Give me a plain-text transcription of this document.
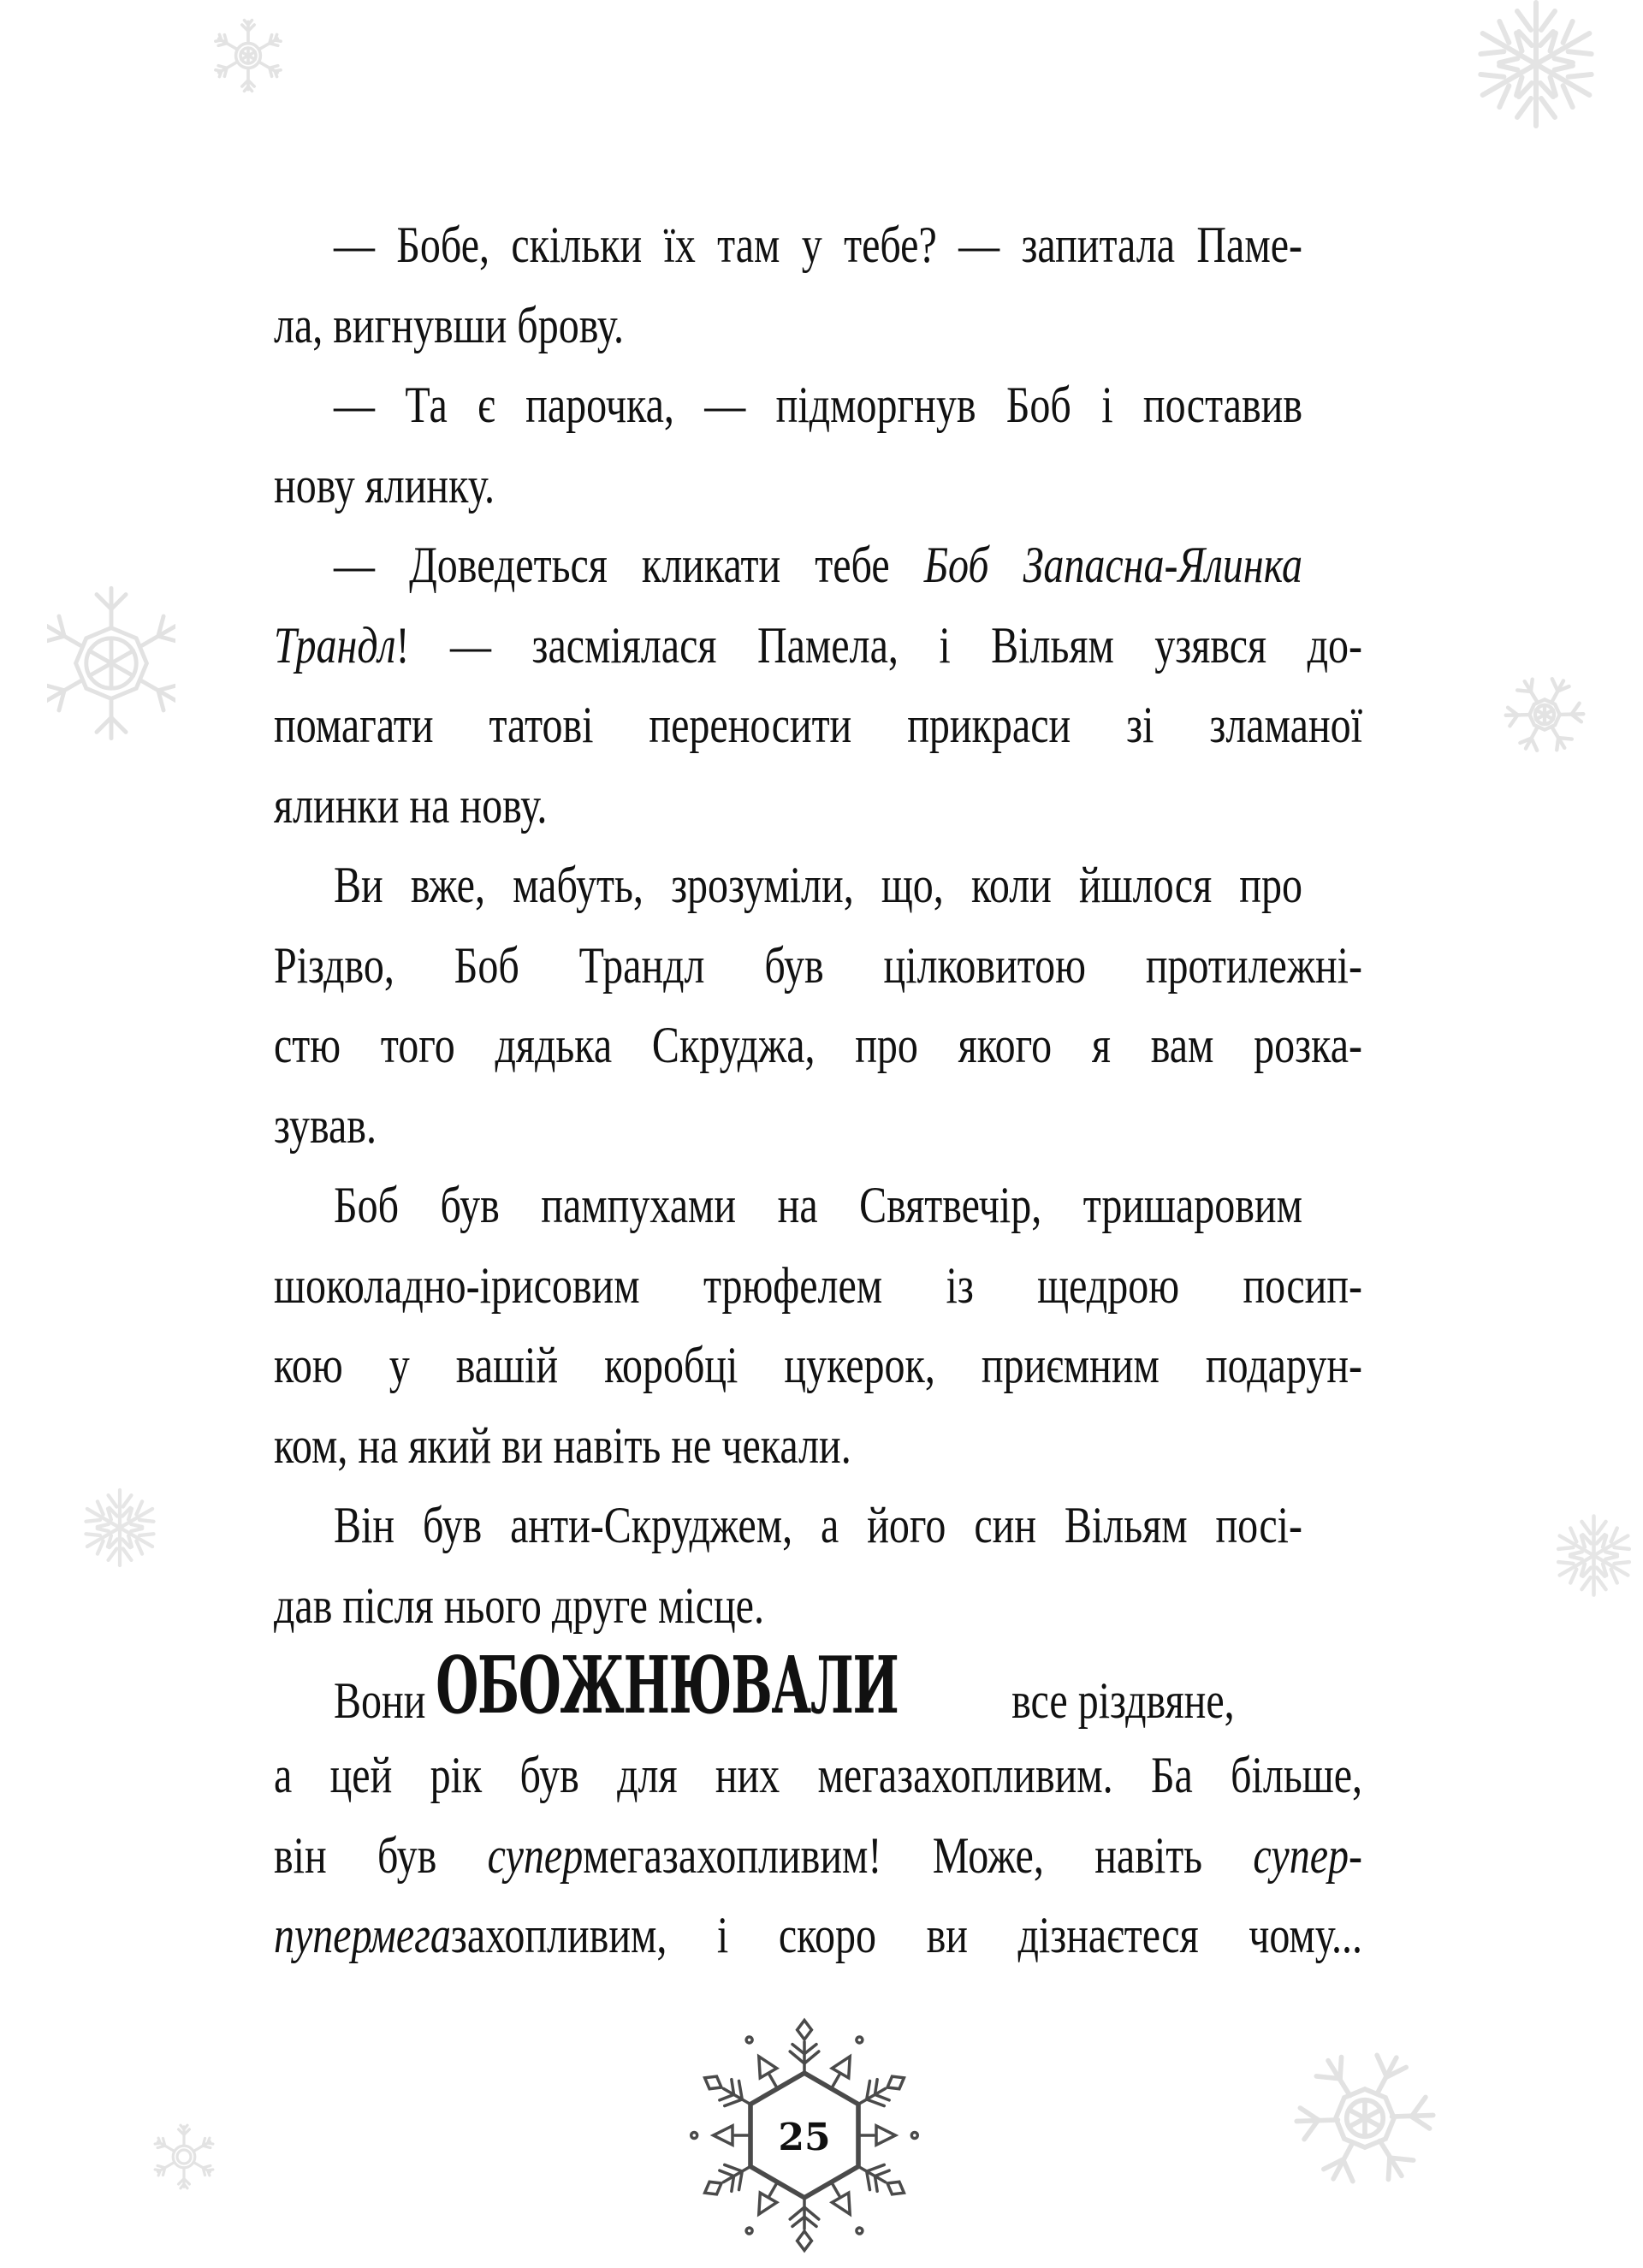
— Бобе, скільки їх там у тебе? — запитала Паме-
ла, вигнувши брову.
— Та є парочка, — підморгнув Боб і поставив
нову ялинку.
— Доведеться кликати тебе Боб Запасна-Ялинка
Трандл! — засміялася Памела, і Вільям узявся до-
помагати татові переносити прикраси зі зламаної
ялинки на нову.
Ви вже, мабуть, зрозуміли, що, коли йшлося про
Різдво, Боб Трандл був цілковитою протилежні-
стю того дядька Скруджа, про якого я вам розка-
зував.
Боб був пампухами на Святвечір, тришаровим
шоколадно-ірисовим трюфелем із щедрою посип-
кою у вашій коробці цукерок, приємним подарун-
ком, на який ви навіть не чекали.
Він був анти-Скруджем, а його син Вільям посі-
дав після нього друге місце.
Вони ОБОЖНЮВАЛИ все різдвяне,
а цей рік був для них мегазахопливим. Ба більше,
він був супермегазахопливим! Може, навіть супер-
пупермегазахопливим, і скоро ви дізнаєтеся чому...
25
